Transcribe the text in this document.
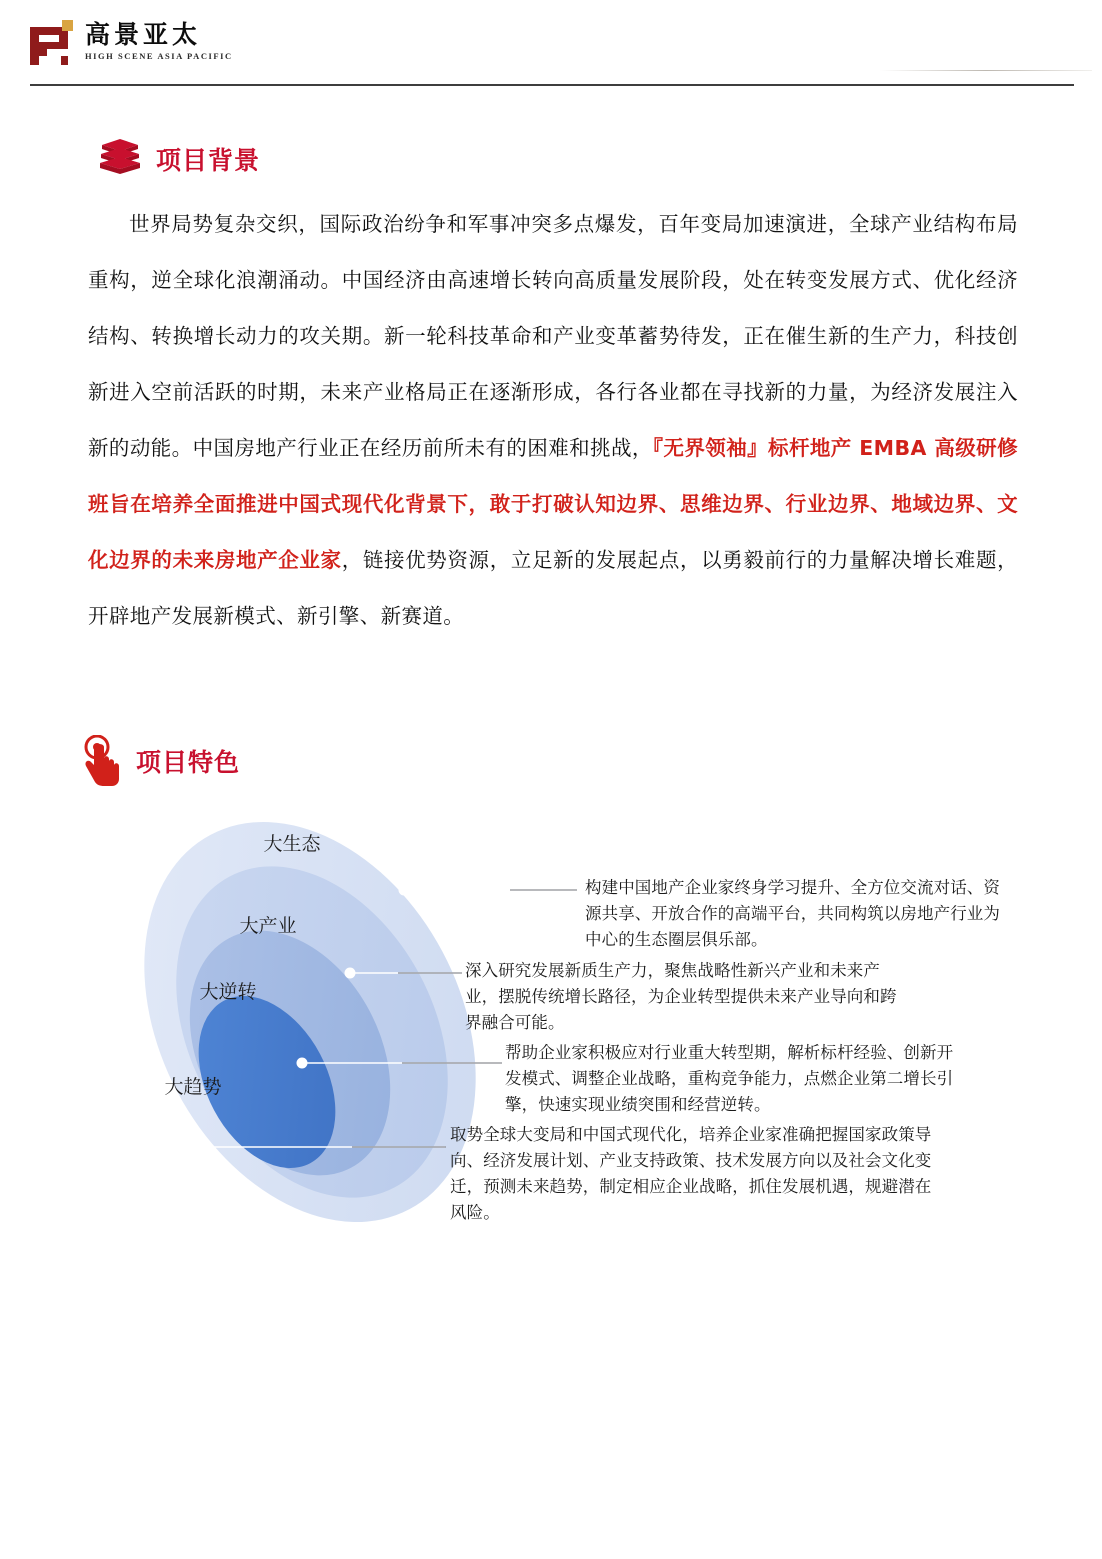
高景亚太
HIGH SCENE ASIA PACIFIC
项目背景
世界局势复杂交织，国际政治纷争和军事冲突多点爆发，百年变局加速演进，全球产业结构布局重构，逆全球化浪潮涌动。中国经济由高速增长转向高质量发展阶段，处在转变发展方式、优化经济结构、转换增长动力的攻关期。新一轮科技革命和产业变革蓄势待发，正在催生新的生产力，科技创新进入空前活跃的时期，未来产业格局正在逐渐形成，各行各业都在寻找新的力量，为经济发展注入新的动能。中国房地产行业正在经历前所未有的困难和挑战，『无界领袖』标杆地产 EMBA 高级研修班旨在培养全面推进中国式现代化背景下，敢于打破认知边界、思维边界、行业边界、地域边界、文化边界的未来房地产企业家，链接优势资源，立足新的发展起点，以勇毅前行的力量解决增长难题，开辟地产发展新模式、新引擎、新赛道。
项目特色
大生态
大产业
大逆转
大趋势
构建中国地产企业家终身学习提升、全方位交流对话、资源共享、开放合作的高端平台，共同构筑以房地产行业为中心的生态圈层俱乐部。
深入研究发展新质生产力，聚焦战略性新兴产业和未来产业，摆脱传统增长路径，为企业转型提供未来产业导向和跨界融合可能。
帮助企业家积极应对行业重大转型期，解析标杆经验、创新开发模式、调整企业战略，重构竞争能力，点燃企业第二增长引擎，快速实现业绩突围和经营逆转。
取势全球大变局和中国式现代化，培养企业家准确把握国家政策导向、经济发展计划、产业支持政策、技术发展方向以及社会文化变迁，预测未来趋势，制定相应企业战略，抓住发展机遇，规避潜在风险。
